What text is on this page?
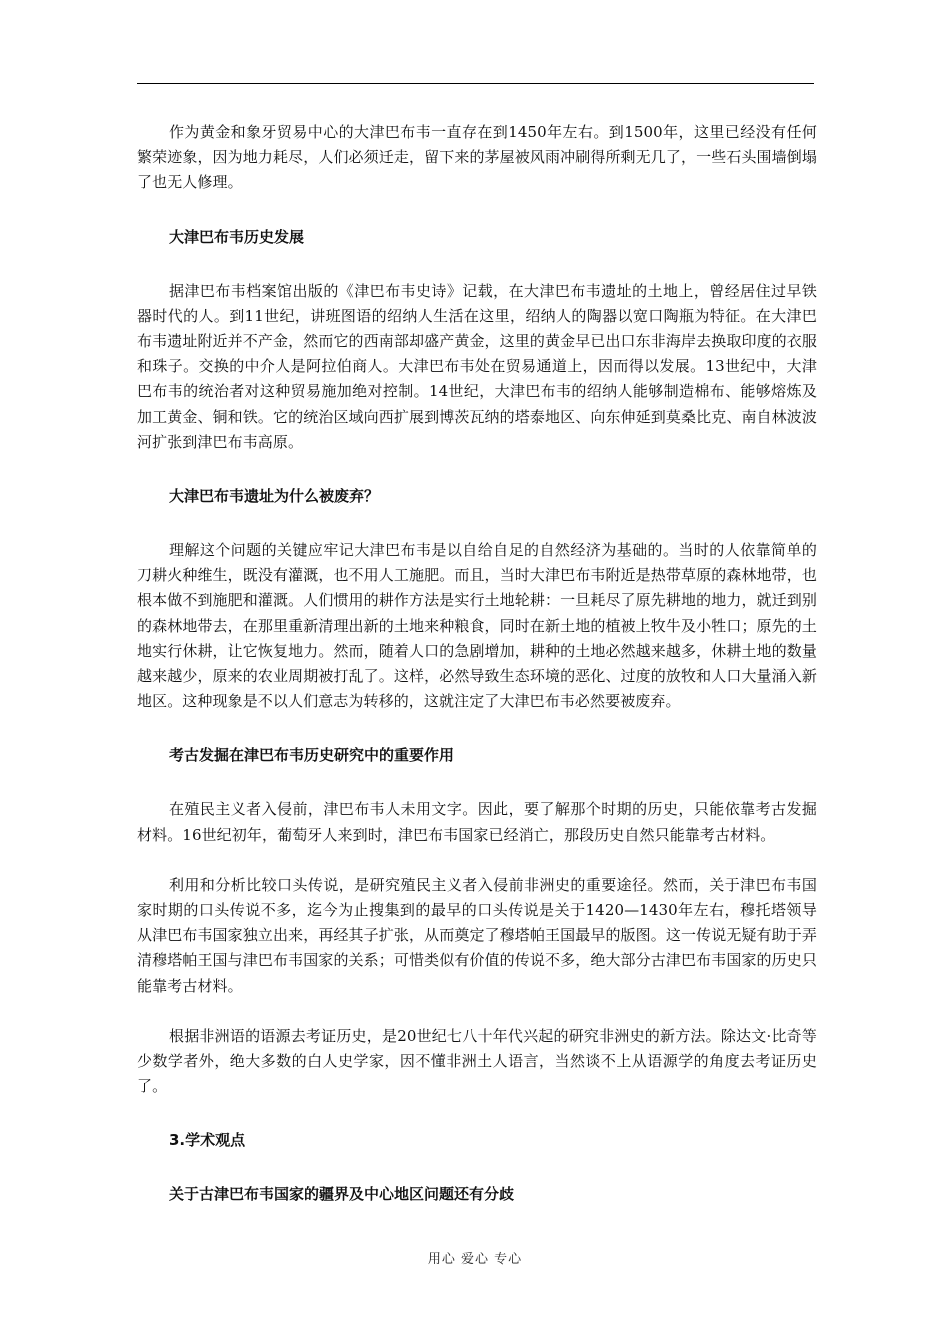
作为黄金和象牙贸易中心的大津巴布韦一直存在到1450年左右。到1500年，这里已经没有任何繁荣迹象，因为地力耗尽，人们必须迁走，留下来的茅屋被风雨冲刷得所剩无几了，一些石头围墙倒塌了也无人修理。

大津巴布韦历史发展

据津巴布韦档案馆出版的《津巴布韦史诗》记载，在大津巴布韦遗址的土地上，曾经居住过早铁器时代的人。到11世纪，讲班图语的绍纳人生活在这里，绍纳人的陶器以宽口陶瓶为特征。在大津巴布韦遗址附近并不产金，然而它的西南部却盛产黄金，这里的黄金早已出口东非海岸去换取印度的衣服和珠子。交换的中介人是阿拉伯商人。大津巴布韦处在贸易通道上，因而得以发展。13世纪中，大津巴布韦的统治者对这种贸易施加绝对控制。14世纪，大津巴布韦的绍纳人能够制造棉布、能够熔炼及加工黄金、铜和铁。它的统治区域向西扩展到博茨瓦纳的塔泰地区、向东伸延到莫桑比克、南自林波波河扩张到津巴布韦高原。

大津巴布韦遗址为什么被废弃？

理解这个问题的关键应牢记大津巴布韦是以自给自足的自然经济为基础的。当时的人依靠简单的刀耕火种维生，既没有灌溉，也不用人工施肥。而且，当时大津巴布韦附近是热带草原的森林地带，也根本做不到施肥和灌溉。人们惯用的耕作方法是实行土地轮耕：一旦耗尽了原先耕地的地力，就迁到别的森林地带去，在那里重新清理出新的土地来种粮食，同时在新土地的植被上牧牛及小牲口；原先的土地实行休耕，让它恢复地力。然而，随着人口的急剧增加，耕种的土地必然越来越多，休耕土地的数量越来越少，原来的农业周期被打乱了。这样，必然导致生态环境的恶化、过度的放牧和人口大量涌入新地区。这种现象是不以人们意志为转移的，这就注定了大津巴布韦必然要被废弃。

考古发掘在津巴布韦历史研究中的重要作用

在殖民主义者入侵前，津巴布韦人未用文字。因此，要了解那个时期的历史，只能依靠考古发掘材料。16世纪初年，葡萄牙人来到时，津巴布韦国家已经消亡，那段历史自然只能靠考古材料。

利用和分析比较口头传说，是研究殖民主义者入侵前非洲史的重要途径。然而，关于津巴布韦国家时期的口头传说不多，迄今为止搜集到的最早的口头传说是关于1420—1430年左右，穆托塔领导从津巴布韦国家独立出来，再经其子扩张，从而奠定了穆塔帕王国最早的版图。这一传说无疑有助于弄清穆塔帕王国与津巴布韦国家的关系；可惜类似有价值的传说不多，绝大部分古津巴布韦国家的历史只能靠考古材料。

根据非洲语的语源去考证历史，是20世纪七八十年代兴起的研究非洲史的新方法。除达文·比奇等少数学者外，绝大多数的白人史学家，因不懂非洲土人语言，当然谈不上从语源学的角度去考证历史了。

3.学术观点

关于古津巴布韦国家的疆界及中心地区问题还有分歧

用心 爱心 专心
